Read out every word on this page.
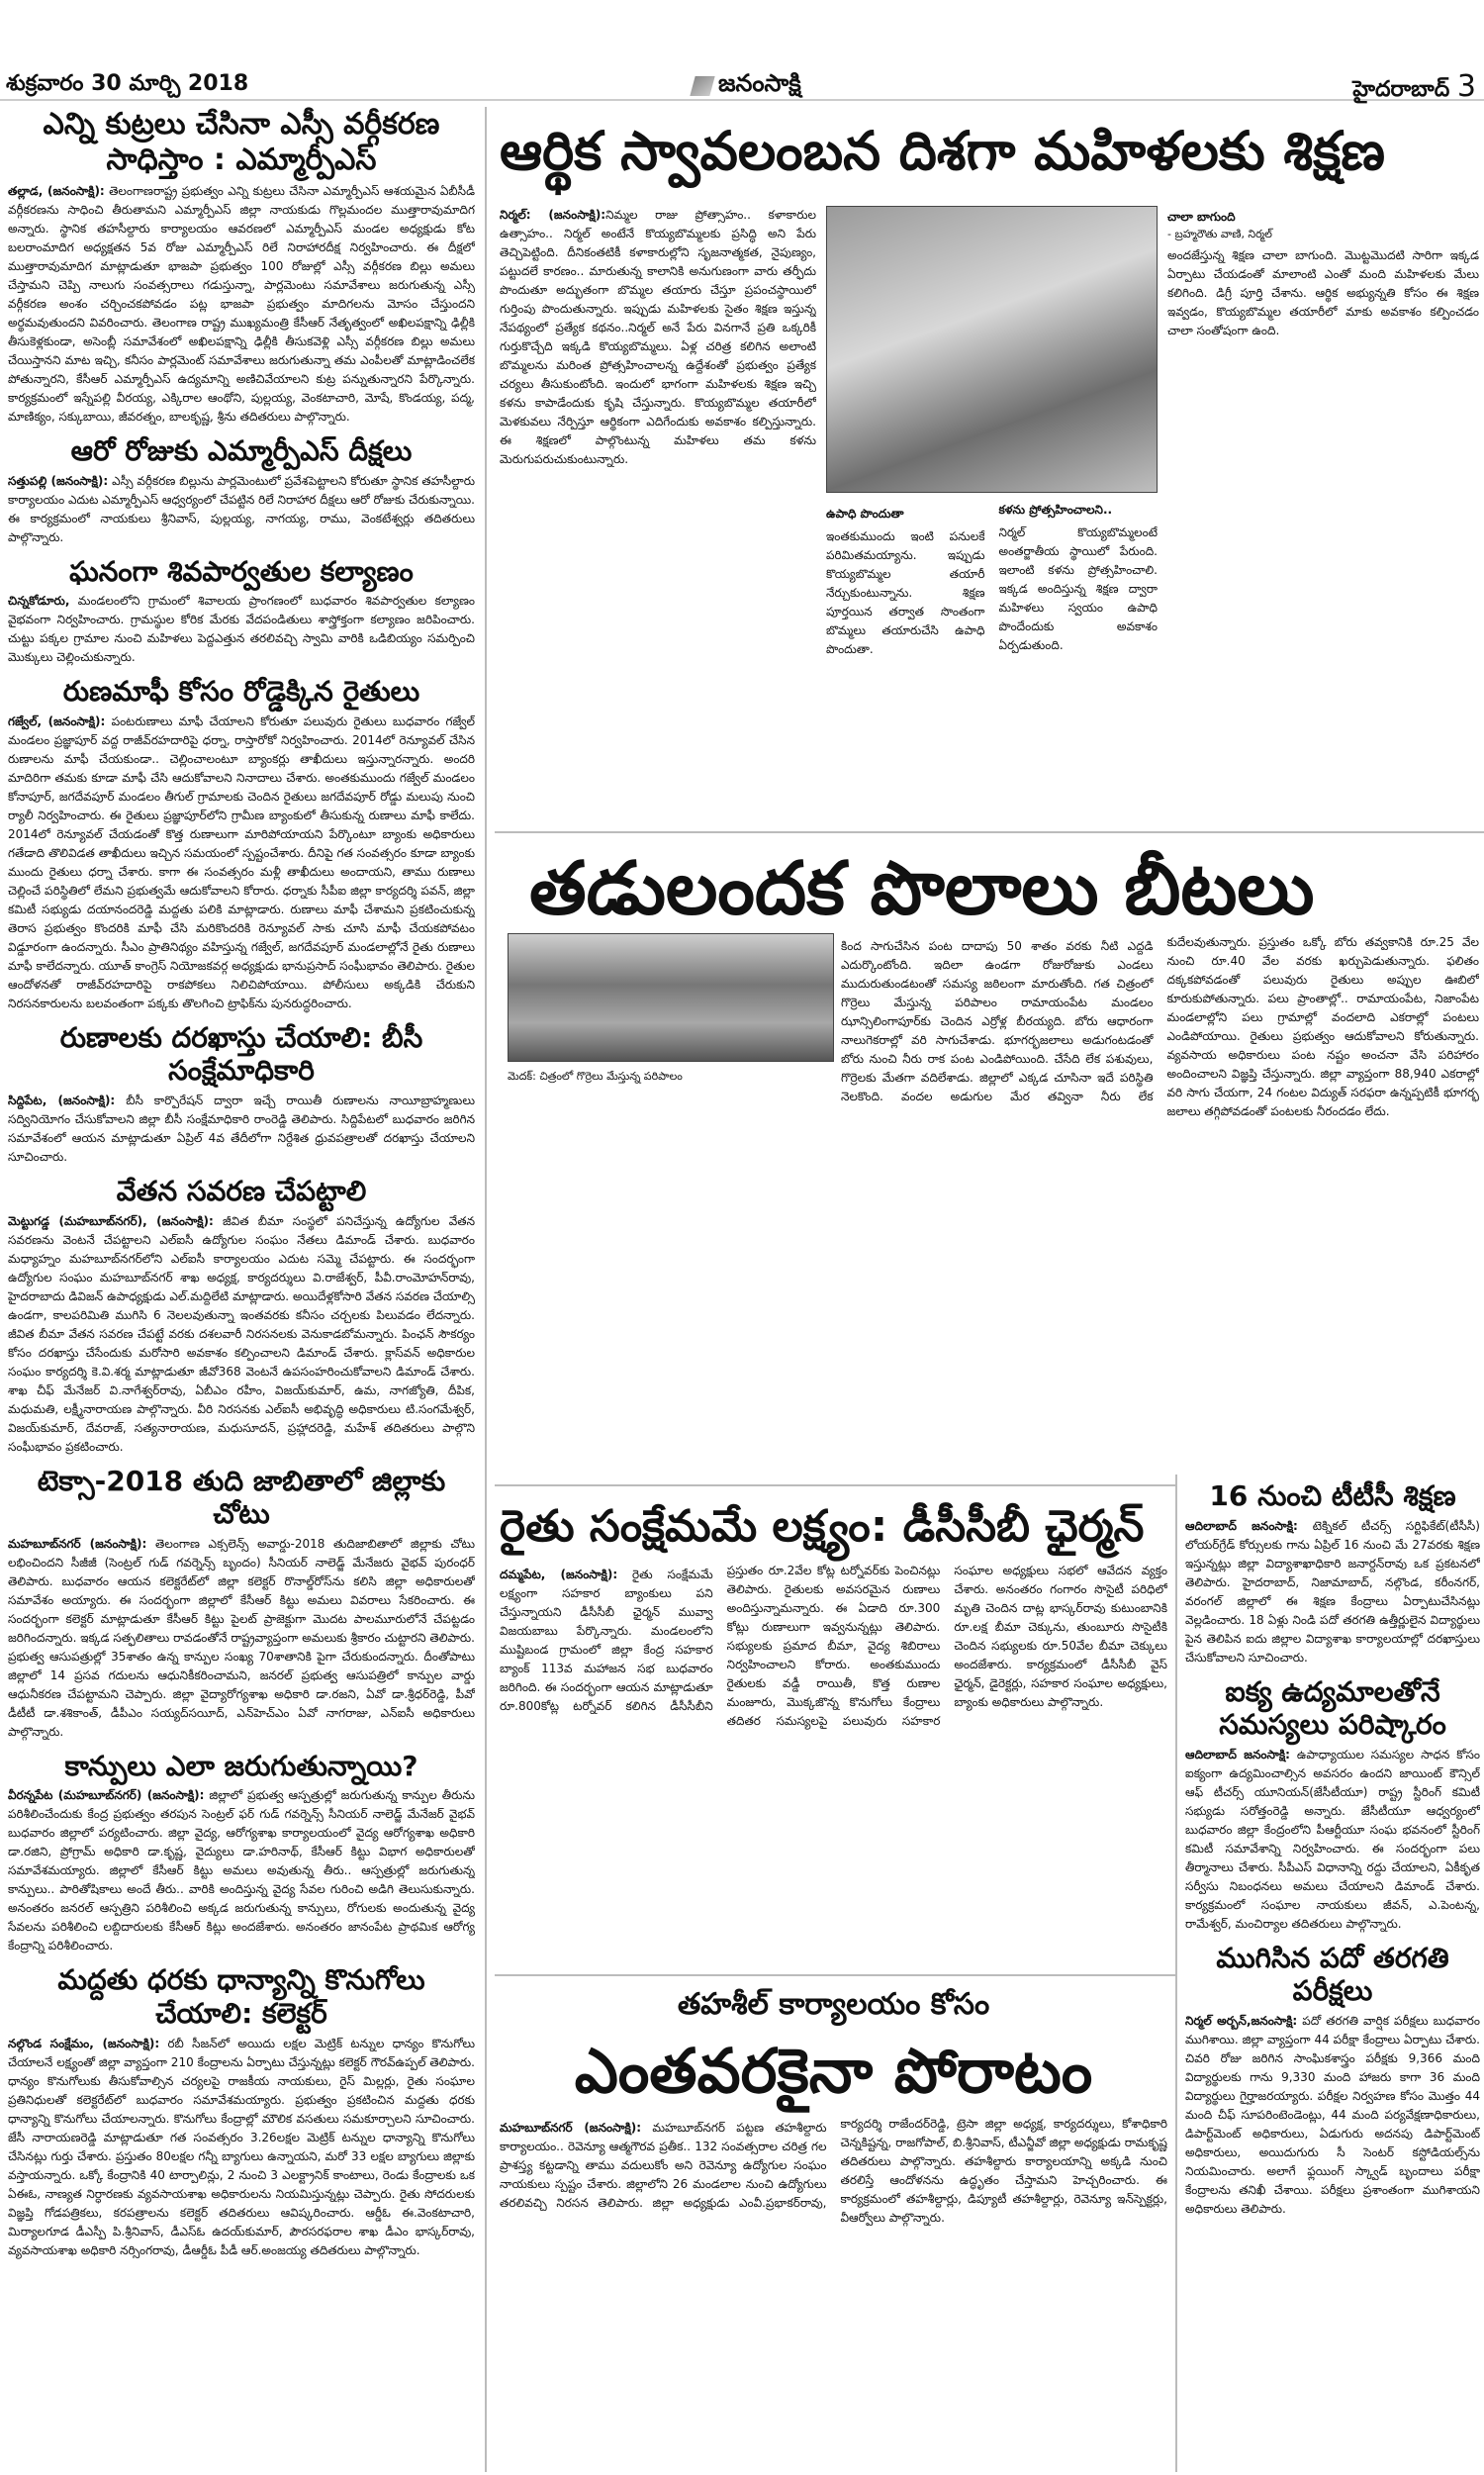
శుక్రవారం 30 మార్చి 2018	జనంసాక్షి	హైదరాబాద్ 3
ఎన్ని కుట్రలు చేసినా ఎస్సీ వర్గీకరణ సాధిస్తాం : ఎమ్మార్పీఎస్

తల్లాడ, (జనంసాక్షి): తెలంగాణరాష్ట్ర ప్రభుత్వం ఎన్ని కుట్రలు చేసినా ఎమ్మార్పీఎస్ ఆశయమైన ఏబీసీడీ వర్గీకరణను సాధించి తీరుతామని ఎమ్మార్పీఎస్ జిల్లా నాయకుడు గొల్లమందల ముత్తారావుమాదిగ అన్నారు. స్థానిక తహసీల్దారు కార్యాలయం ఆవరణలో ఎమ్మార్పీఎస్ మండల అధ్యక్షుడు కోట బలరాంమాదిగ అధ్యక్షతన 5వ రోజు ఎమ్మార్పీఎస్ రిలే నిరాహారదీక్ష నిర్వహించారు. ఈ దీక్షలో ముత్తారావుమాదిగ మాట్లాడుతూ భాజపా ప్రభుత్వం 100 రోజుల్లో ఎస్సీ వర్గీకరణ బిల్లు అమలు చేస్తామని చెప్పి నాలుగు సంవత్సరాలు గడుస్తున్నా, పార్లమెంటు సమావేశాలు జరుగుతున్న ఎస్సీ వర్గీకరణ అంశం చర్చించకపోవడం పట్ల భాజపా ప్రభుత్వం మాదిగలను మోసం చేస్తుందని అర్థమవుతుందని వివరించారు. తెలంగాణ రాష్ట్ర ముఖ్యమంత్రి కేసీఆర్ నేతృత్వంలో అఖిలపక్షాన్ని ఢిల్లీకి తీసుకెళ్లకుండా, అసెంబ్లీ సమావేశంలో అఖిలపక్షాన్ని ఢిల్లీకి తీసుకవెళ్లి ఎస్సీ వర్గీకరణ బిల్లు అమలు చేయిస్తానని మాట ఇచ్చి, కనీసం పార్లమెంట్ సమావేశాలు జరుగుతున్నా తమ ఎంపీలతో మాట్లాడించలేక పోతున్నారని, కేసీఆర్ ఎమ్మార్పీఎస్ ఉద్యమాన్ని అణిచివేయాలని కుట్ర పన్నుతున్నారని పేర్కొన్నారు. కార్యక్రమంలో ఇస్నేపల్లి వీరయ్య, ఎక్కిరాల ఆంథోని, పుల్లయ్య, వెంకటాచారి, మోషే, కొండయ్య, పద్మ, మాణిక్యం, సక్కుబాయి, జీవరత్నం, బాలకృష్ణ, శ్రీను తదితరులు పాల్గొన్నారు.

ఆరో రోజుకు ఎమ్మార్పీఎస్ దీక్షలు

సత్తుపల్లి (జనంసాక్షి): ఎస్సీ వర్గీకరణ బిల్లును పార్లమెంటులో ప్రవేశపెట్టాలని కోరుతూ స్థానిక తహసీల్దారు కార్యాలయం ఎదుట ఎమ్మార్పీఎస్ ఆధ్వర్యంలో చేపట్టిన రిలే నిరాహార దీక్షలు ఆరో రోజుకు చేరుకున్నాయి. ఈ కార్యక్రమంలో నాయకులు శ్రీనివాస్, పుల్లయ్య, నాగయ్య, రాము, వెంకటేశ్వర్లు తదితరులు పాల్గొన్నారు.

ఘనంగా శివపార్వతుల కల్యాణం

చిన్నకోడూరు, మండలంలోని గ్రామంలో శివాలయ ప్రాంగణంలో బుధవారం శివపార్వతుల కల్యాణం వైభవంగా నిర్వహించారు. గ్రామస్థుల కోరిక మేరకు వేదపండితులు శాస్త్రోక్తంగా కల్యాణం జరిపించారు. చుట్టు పక్కల గ్రామాల నుంచి మహిళలు పెద్దఎత్తున తరలివచ్చి స్వామి వారికి ఒడిబియ్యం సమర్పించి మొక్కులు చెల్లించుకున్నారు.

రుణమాఫీ కోసం రోడ్డెక్కిన రైతులు

గజ్వేల్, (జనంసాక్షి): పంటరుణాలు మాఫీ చేయాలని కోరుతూ పలువురు రైతులు బుధవారం గజ్వేల్ మండలం ప్రజ్ఞాపూర్ వద్ద రాజీవ్‌రహదారిపై ధర్నా, రాస్తారోకో నిర్వహించారు. 2014లో రెన్యూవల్ చేసిన రుణాలను మాఫీ చేయకుండా.. చెల్లించాలంటూ బ్యాంకర్లు తాఖీదులు ఇస్తున్నారన్నారు. అందరి మాదిరిగా తమకు కూడా మాఫీ చేసి ఆదుకోవాలని నినాదాలు చేశారు. అంతకుముందు గజ్వేల్ మండలం కోనాపూర్, జగదేవపూర్ మండలం తీగుల్ గ్రామాలకు చెందిన రైతులు జగదేవపూర్ రోడ్డు మలుపు నుంచి ర్యాలీ నిర్వహించారు. ఈ రైతులు ప్రజ్ఞాపూర్‌లోని గ్రామీణ బ్యాంకులో తీసుకున్న రుణాలు మాఫీ కాలేదు. 2014లో రెన్యూవల్ చేయడంతో కొత్త రుణాలుగా మారిపోయాయని పేర్కొంటూ బ్యాంకు అధికారులు గతేడాది తొలివిడత తాఖీదులు ఇచ్చిన సమయంలో స్పష్టంచేశారు. దీనిపై గత సంవత్సరం కూడా బ్యాంకు ముందు రైతులు ధర్నా చేశారు. కాగా ఈ సంవత్సరం మళ్లీ తాఖీదులు అందాయని, తాము రుణాలు చెల్లించే పరిస్థితిలో లేమని ప్రభుత్వమే ఆదుకోవాలని కోరారు. ధర్నాకు సీపీఐ జిల్లా కార్యదర్శి పవన్, జిల్లా కమిటీ సభ్యుడు దయానందరెడ్డి మద్దతు పలికి మాట్లాడారు. రుణాలు మాఫీ చేశామని ప్రకటించుకున్న తెరాస ప్రభుత్వం కొందరికి మాఫీ చేసి మరికొందరికి రెన్యూవల్ సాకు చూసి మాఫీ చేయకపోవటం విడ్డూరంగా ఉందన్నారు. సీఎం ప్రాతినిథ్యం వహిస్తున్న గజ్వేల్, జగదేవపూర్ మండలాల్లోనే రైతు రుణాలు మాఫీ కాలేదన్నారు. యూత్ కాంగ్రెస్ నియోజకవర్గ అధ్యక్షుడు భానుప్రసాద్ సంఘీభావం తెలిపారు. రైతుల ఆందోళనతో రాజీవ్‌రహదారిపై రాకపోకలు నిలిచిపోయాయి. పోలీసులు అక్కడికి చేరుకుని నిరసనకారులను బలవంతంగా పక్కకు తొలగించి ట్రాఫిక్‌ను పునరుద్ధరించారు.

రుణాలకు దరఖాస్తు చేయాలి: బీసీ సంక్షేమాధికారి

సిద్దిపేట, (జనంసాక్షి): బీసీ కార్పొరేషన్ ద్వారా ఇచ్చే రాయితీ రుణాలను నాయీబ్రాహ్మణులు సద్వినియోగం చేసుకోవాలని జిల్లా బీసీ సంక్షేమాధికారి రాంరెడ్డి తెలిపారు. సిద్దిపేటలో బుధవారం జరిగిన సమావేశంలో ఆయన మాట్లాడుతూ ఏప్రిల్ 4వ తేదీలోగా నిర్దేశిత ధ్రువపత్రాలతో దరఖాస్తు చేయాలని సూచించారు.

వేతన సవరణ చేపట్టాలి

మెట్టుగడ్డ (మహబూబ్‌నగర్), (జనంసాక్షి): జీవిత బీమా సంస్థలో పనిచేస్తున్న ఉద్యోగుల వేతన సవరణను వెంటనే చేపట్టాలని ఎల్ఐసీ ఉద్యోగుల సంఘం నేతలు డిమాండ్ చేశారు. బుధవారం మధ్యాహ్నం మహబూబ్‌నగర్‌లోని ఎల్ఐసీ కార్యాలయం ఎదుట సమ్మె చేపట్టారు. ఈ సందర్భంగా ఉద్యోగుల సంఘం మహబూబ్‌నగర్ శాఖ అధ్యక్ష, కార్యదర్శులు వి.రాజేశ్వర్, పీవీ.రాంమోహన్‌రావు, హైదరాబాదు డివిజన్ ఉపాధ్యక్షుడు ఎల్.మద్దిలేటి మాట్లాడారు. అయిదేళ్లకోసారి వేతన సవరణ చేయాల్సి ఉండగా, కాలపరిమితి ముగిసి 6 నెలలవుతున్నా ఇంతవరకు కనీసం చర్చలకు పిలువడం లేదన్నారు. జీవిత బీమా వేతన సవరణ చేపట్టే వరకు దశలవారీ నిరసనలకు వెనుకాడబోమన్నారు. పింఛన్ సౌకర్యం కోసం దరఖాస్తు చేసేందుకు మరోసారి అవకాశం కల్పించాలని డిమాండ్ చేశారు. క్లాస్‌వన్ అధికారుల సంఘం కార్యదర్శి కె.వి.శర్మ మాట్లాడుతూ జీవో368 వెంటనే ఉపసంహరించుకోవాలని డిమాండ్ చేశారు. శాఖ చీఫ్ మేనేజర్ వి.నాగేశ్వర్‌రావు, ఏబీఎం రహీం, విజయ్‌కుమార్, ఉమ, నాగజ్యోతి, దీపిక, మధుమతి, లక్ష్మీనారాయణ పాల్గొన్నారు. వీరి నిరసనకు ఎల్ఐసీ అభివృద్ధి అధికారులు టి.సంగమేశ్వర్, విజయ్‌కుమార్, దేవరాజ్, సత్యనారాయణ, మధుసూదన్, ప్రహ్లాదరెడ్డి, మహేశ్ తదితరులు పాల్గొని సంఘీభావం ప్రకటించారు.

టెక్సా-2018 తుది జాబితాలో జిల్లాకు చోటు

మహబూబ్‌నగర్ (జనంసాక్షి): తెలంగాణ ఎక్సలెన్స్ అవార్డు-2018 తుదిజాబితాలో జిల్లాకు చోటు లభించిందని సీజీజీ (సెంట్రల్ గుడ్ గవర్నెన్స్ బృందం) సీనియర్ నాలెడ్జ్ మేనేజరు వైభవ్ పురంధర్ తెలిపారు. బుధవారం ఆయన కలెక్టరేట్‌లో జిల్లా కలెక్టర్ రొనాల్డ్‌రోస్‌ను కలిసి జిల్లా అధికారులతో సమావేశం అయ్యారు. ఈ సందర్భంగా జిల్లాలో కేసీఆర్ కిట్టు అమలు వివరాలు సేకరించారు. ఈ సందర్భంగా కలెక్టర్ మాట్లాడుతూ కేసీఆర్ కిట్టు పైలట్ ప్రాజెక్టుగా మొదట పాలమూరులోనే చేపట్టడం జరిగిందన్నారు. ఇక్కడ సత్ఫలితాలు రావడంతోనే రాష్ట్రవ్యాప్తంగా అమలుకు శ్రీకారం చుట్టారని తెలిపారు. ప్రభుత్వ ఆసుపత్రుల్లో 35శాతం ఉన్న కాన్పుల సంఖ్య 70శాతానికి పైగా చేరుకుందన్నారు. దీంతోపాటు జిల్లాలో 14 ప్రసవ గదులను ఆధునికీకరించామని, జనరల్ ప్రభుత్వ ఆసుపత్రిలో కాన్పుల వార్డు ఆధునీకరణ చేపట్టామని చెప్పారు. జిల్లా వైద్యారోగ్యశాఖ అధికారి డా.రజని, ఏవో డా.శ్రీధర్‌రెడ్డి, పీవో డీటీటీ డా.శశికాంత్, డీపీఎం సయ్యద్‌సయీద్, ఎన్‌హెచ్‌ఎం ఏవో నాగరాజు, ఎన్ఐసీ అధికారులు పాల్గొన్నారు.

కాన్పులు ఎలా జరుగుతున్నాయి?

వీరన్నపేట (మహబూబ్‌నగర్) (జనంసాక్షి): జిల్లాలో ప్రభుత్వ ఆస్పత్రుల్లో జరుగుతున్న కాన్పుల తీరును పరిశీలించేందుకు కేంద్ర ప్రభుత్వం తరపున సెంట్రల్ ఫర్ గుడ్ గవర్నెన్స్ సీనియర్ నాలెడ్జ్ మేనేజర్ వైభవ్ బుధవారం జిల్లాలో పర్యటించారు. జిల్లా వైద్య, ఆరోగ్యశాఖ కార్యాలయంలో వైద్య ఆరోగ్యశాఖ అధికారి డా.రజిని, ప్రోగ్రామ్ అధికారి డా.కృష్ణ, వైద్యులు డా.హరినాథ్, కేసీఆర్ కిట్టు విభాగ అధికారులతో సమావేశమయ్యారు. జిల్లాలో కేసీఆర్ కిట్టు అమలు అవుతున్న తీరు.. ఆస్పత్రుల్లో జరుగుతున్న కాన్పులు.. పారితోషికాలు అందే తీరు.. వారికి అందిస్తున్న వైద్య సేవల గురించి అడిగి తెలుసుకున్నారు. అనంతరం జనరల్ ఆస్పత్రిని పరిశీలించి అక్కడ జరుగుతున్న కాన్పులు, రోగులకు అందుతున్న వైద్య సేవలను పరిశీలించి లబ్దిదారులకు కేసీఆర్ కిట్లు అందజేశారు. అనంతరం జానంపేట ప్రాథమిక ఆరోగ్య కేంద్రాన్ని పరిశీలించారు.

మద్దతు ధరకు ధాన్యాన్ని కొనుగోలు చేయాలి: కలెక్టర్

నల్గొండ సంక్షేమం, (జనంసాక్షి): రబీ సీజన్‌లో అయిదు లక్షల మెట్రిక్ టన్నుల ధాన్యం కొనుగోలు చేయాలనే లక్ష్యంతో జిల్లా వ్యాప్తంగా 210 కేంద్రాలను ఏర్పాటు చేస్తున్నట్లు కలెక్టర్ గౌరవ్‌ఉప్పల్ తెలిపారు. ధాన్యం కొనుగోలుకు తీసుకోవాల్సిన చర్యలపై రాజకీయ నాయకులు, రైస్ మిల్లర్లు, రైతు సంఘాల ప్రతినిధులతో కలెక్టరేట్‌లో బుధవారం సమావేశమయ్యారు. ప్రభుత్వం ప్రకటించిన మద్దతు ధరకు ధాన్యాన్ని కొనుగోలు చేయాలన్నారు. కొనుగోలు కేంద్రాల్లో మౌలిక వసతులు సమకూర్చాలని సూచించారు. జేసీ నారాయణరెడ్డి మాట్లాడుతూ గత సంవత్సరం 3.26లక్షల మెట్రిక్ టన్నుల ధాన్యాన్ని కొనుగోలు చేసినట్లు గుర్తు చేశారు. ప్రస్తుతం 80లక్షల గన్నీ బ్యాగులు ఉన్నాయని, మరో 33 లక్షల బ్యాగులు జిల్లాకు వస్తాయన్నారు. ఒక్కో కేంద్రానికి 40 టార్పాలిన్లు, 2 నుంచి 3 ఎలక్ట్రానిక్ కాంటాలు, రెండు కేంద్రాలకు ఒక ఏఈఓ, నాణ్యత నిర్ధారణకు వ్యవసాయశాఖ అధికారులను నియమిస్తున్నట్లు చెప్పారు. రైతు సోదరులకు విజ్ఞప్తి గోడపత్రికలు, కరపత్రాలను కలెక్టర్ తదితరులు ఆవిష్కరించారు. ఆర్డీఓ ఈ.వెంకటాచారి, మిర్యాలగూడ డీఎస్పీ పి.శ్రీనివాస్, డీఎస్ఓ ఉదయ్‌కుమార్, పౌరసరఫరాల శాఖ డీఎం భాస్కర్‌రావు, వ్యవసాయశాఖ అధికారి నర్సింగరావు, డీఆర్డీఓ పీడీ ఆర్.అంజయ్య తదితరులు పాల్గొన్నారు.

ఆర్థిక స్వావలంబన దిశగా మహిళలకు శిక్షణ

నిర్మల్: (జనంసాక్షి):నిమ్మల రాజు ప్రోత్సాహం.. కళాకారుల ఉత్సాహం.. నిర్మల్ అంటేనే కొయ్యబొమ్మలకు ప్రసిద్ధి అని పేరు తెచ్చిపెట్టింది. దీనికంతటికీ కళాకారుల్లోని సృజనాత్మకత, నైపుణ్యం, పట్టుదలే కారణం.. మారుతున్న కాలానికి అనుగుణంగా వారు తర్ఫీదు పొందుతూ అద్భుతంగా బొమ్మల తయారు చేస్తూ ప్రపంచస్థాయిలో గుర్తింపు పొందుతున్నారు. ఇప్పుడు మహిళలకు సైతం శిక్షణ ఇస్తున్న నేపథ్యంలో ప్రత్యేక కథనం..నిర్మల్ అనే పేరు వినగానే ప్రతి ఒక్కరికీ గుర్తుకొచ్చేది ఇక్కడి కొయ్యబొమ్మలు. ఏళ్ల చరిత్ర కలిగిన అలాంటి బొమ్మలను మరింత ప్రోత్సహించాలన్న ఉద్దేశంతో ప్రభుత్వం ప్రత్యేక చర్యలు తీసుకుంటోంది. ఇందులో భాగంగా మహిళలకు శిక్షణ ఇచ్చి కళను కాపాడేందుకు కృషి చేస్తున్నారు. కొయ్యబొమ్మల తయారీలో మెళకువలు నేర్పిస్తూ ఆర్థికంగా ఎదిగేందుకు అవకాశం కల్పిస్తున్నారు. ఈ శిక్షణలో పాల్గొంటున్న మహిళలు తమ కళను మెరుగుపరుచుకుంటున్నారు.

ఉపాధి పొందుతా

ఇంతకుముందు ఇంటి పనులకే పరిమితమయ్యాను. ఇప్పుడు కొయ్యబొమ్మల తయారీ నేర్చుకుంటున్నాను. శిక్షణ పూర్తయిన తర్వాత సొంతంగా బొమ్మలు తయారుచేసి ఉపాధి పొందుతా.

కళను ప్రోత్సహించాలని..

నిర్మల్ కొయ్యబొమ్మలంటే అంతర్జాతీయ స్థాయిలో పేరుంది. ఇలాంటి కళను ప్రోత్సహించాలి. ఇక్కడ అందిస్తున్న శిక్షణ ద్వారా మహిళలు స్వయం ఉపాధి పొందేందుకు అవకాశం ఏర్పడుతుంది.

చాలా బాగుంది
- బ్రహ్మరౌతు వాణి, నిర్మల్

అందజేస్తున్న శిక్షణ చాలా బాగుంది. మొట్టమొదటి సారిగా ఇక్కడ ఏర్పాటు చేయడంతో మాలాంటి ఎంతో మంది మహిళలకు మేలు కలిగింది. డిగ్రీ పూర్తి చేశాను. ఆర్థిక అభ్యున్నతి కోసం ఈ శిక్షణ ఇవ్వడం, కొయ్యబొమ్మల తయారీలో మాకు అవకాశం కల్పించడం చాలా సంతోషంగా ఉంది.

తడులందక పొలాలు బీటలు
మెదక్: చిత్రంలో గొర్రెలు మేస్తున్న పరిపాలం

కింద సాగుచేసిన పంట దాదాపు 50 శాతం వరకు నీటి ఎద్దడి ఎదుర్కొంటోంది. ఇదిలా ఉండగా రోజురోజుకు ఎండలు ముదురుతుండటంతో సమస్య జఠిలంగా మారుతోంది. గత చిత్రంలో గొర్రెలు మేస్తున్న పరిపాలం రామాయంపేట మండలం ఝాన్సిలింగాపూర్‌కు చెందిన ఎర్రోళ్ల బీరయ్యది. బోరు ఆధారంగా నాలుగెకరాల్లో వరి సాగుచేశాడు. భూగర్భజలాలు అడుగంటడంతో బోరు నుంచి నీరు రాక పంట ఎండిపోయింది. చేసేది లేక పశువులు, గొర్రెలకు మేతగా వదిలేశాడు. జిల్లాలో ఎక్కడ చూసినా ఇదే పరిస్థితి నెలకొంది. వందల అడుగుల మేర తవ్వినా నీరు లేక కుదేలవుతున్నారు. ప్రస్తుతం ఒక్కో బోరు తవ్వకానికి రూ.25 వేల నుంచి రూ.40 వేల వరకు ఖర్చుపెడుతున్నారు. ఫలితం దక్కకపోవడంతో పలువురు రైతులు అప్పుల ఊబిలో కూరుకుపోతున్నారు. పలు ప్రాంతాల్లో.. రామాయంపేట, నిజాంపేట మండలాల్లోని పలు గ్రామాల్లో వందలాది ఎకరాల్లో పంటలు ఎండిపోయాయి. రైతులు ప్రభుత్వం ఆదుకోవాలని కోరుతున్నారు. వ్యవసాయ అధికారులు పంట నష్టం అంచనా వేసి పరిహారం అందించాలని విజ్ఞప్తి చేస్తున్నారు. జిల్లా వ్యాప్తంగా 88,940 ఎకరాల్లో వరి సాగు చేయగా, 24 గంటల విద్యుత్ సరఫరా ఉన్నప్పటికీ భూగర్భ జలాలు తగ్గిపోవడంతో పంటలకు నీరందడం లేదు.

రైతు సంక్షేమమే లక్ష్యం: డీసీసీబీ ఛైర్మన్

దమ్మపేట, (జనంసాక్షి): రైతు సంక్షేమమే లక్ష్యంగా సహకార బ్యాంకులు పని చేస్తున్నాయని డీసీసీబీ ఛైర్మన్ మువ్వా విజయబాబు పేర్కొన్నారు. మండలంలోని ముష్టిబండ గ్రామంలో జిల్లా కేంద్ర సహకార బ్యాంక్ 113వ మహాజన సభ బుధవారం జరిగింది. ఈ సందర్భంగా ఆయన మాట్లాడుతూ రూ.800కోట్ల టర్నోవర్ కలిగిన డీసీసీబీని ప్రస్తుతం రూ.2వేల కోట్ల టర్నోవర్‌కు పెంచినట్లు తెలిపారు. రైతులకు అవసరమైన రుణాలు అందిస్తున్నామన్నారు. ఈ ఏడాది రూ.300 కోట్లు రుణాలుగా ఇవ్వనున్నట్లు తెలిపారు. సభ్యులకు ప్రమాద బీమా, వైద్య శిబిరాలు నిర్వహించాలని కోరారు. అంతకుముందు రైతులకు వడ్డీ రాయితీ, కొత్త రుణాల మంజూరు, మొక్కజొన్న కొనుగోలు కేంద్రాలు తదితర సమస్యలపై పలువురు సహకార సంఘాల అధ్యక్షులు సభలో ఆవేదన వ్యక్తం చేశారు. అనంతరం గంగారం సొసైటీ పరిధిలో మృతి చెందిన దాట్ల భాస్కర్‌రావు కుటుంబానికి రూ.లక్ష బీమా చెక్కును, తుంబూరు సొసైటీకి చెందిన సభ్యులకు రూ.50వేల బీమా చెక్కులు అందజేశారు. కార్యక్రమంలో డీసీసీబీ వైస్ ఛైర్మన్, డైరెక్టర్లు, సహకార సంఘాల అధ్యక్షులు, బ్యాంకు అధికారులు పాల్గొన్నారు.

తహశీల్ కార్యాలయం కోసం
ఎంతవరకైనా పోరాటం

మహబూబ్‌నగర్ (జనంసాక్షి): మహబూబ్‌నగర్ పట్టణ తహశీల్దారు కార్యాలయం.. రెవెన్యూ ఆత్మగౌరవ ప్రతీక.. 132 సంవత్సరాల చరిత్ర గల ప్రాశస్త్య కట్టడాన్ని తాము వదులుకోం అని రెవెన్యూ ఉద్యోగుల సంఘం నాయకులు స్పష్టం చేశారు. జిల్లాలోని 26 మండలాల నుంచి ఉద్యోగులు తరలివచ్చి నిరసన తెలిపారు. జిల్లా అధ్యక్షుడు ఎంవీ.ప్రభాకర్‌రావు, కార్యదర్శి రాజేందర్‌రెడ్డి, ట్రెసా జిల్లా అధ్యక్ష, కార్యదర్శులు, కోశాధికారి చెన్నకిష్టన్న, రాజగోపాల్, బి.శ్రీనివాస్, టీఎన్జీవో జిల్లా అధ్యక్షుడు రామకృష్ణ తదితరులు పాల్గొన్నారు. తహశీల్దారు కార్యాలయాన్ని అక్కడి నుంచి తరలిస్తే ఆందోళనను ఉద్ధృతం చేస్తామని హెచ్చరించారు. ఈ కార్యక్రమంలో తహశీల్దార్లు, డిప్యూటీ తహశీల్దార్లు, రెవెన్యూ ఇన్‌స్పెక్టర్లు, వీఆర్వోలు పాల్గొన్నారు.

16 నుంచి టీటీసీ శిక్షణ

ఆదిలాబాద్ జనంసాక్షి: టెక్నికల్ టీచర్స్ సర్టిఫికేట్(టీసీసీ) లోయర్‌గ్రేడ్ కోర్సులకు గాను ఏప్రిల్ 16 నుంచి మే 27వరకు శిక్షణ ఇస్తున్నట్లు జిల్లా విద్యాశాఖాధికారి జనార్దన్‌రావు ఒక ప్రకటనలో తెలిపారు. హైదరాబాద్, నిజామాబాద్, నల్గొండ, కరీంనగర్, వరంగల్ జిల్లాలో ఈ శిక్షణ కేంద్రాలు ఏర్పాటుచేసినట్లు వెల్లడించారు. 18 ఏళ్లు నిండి పదో తరగతి ఉత్తీర్ణులైన విద్యార్థులు పైన తెలిపిన ఐదు జిల్లాల విద్యాశాఖ కార్యాలయాల్లో దరఖాస్తులు చేసుకోవాలని సూచించారు.

ఐక్య ఉద్యమాలతోనే సమస్యలు పరిష్కారం

ఆదిలాబాద్ జనంసాక్షి: ఉపాధ్యాయుల సమస్యల సాధన కోసం ఐక్యంగా ఉద్యమించాల్సిన అవసరం ఉందని జాయింట్ కౌన్సిల్ ఆఫ్ టీచర్స్ యూనియన్(జేసీటీయూ) రాష్ట్ర స్టీరింగ్ కమిటీ సభ్యుడు సరోత్తంరెడ్డి అన్నారు. జేసీటీయూ ఆధ్వర్యంలో బుధవారం జిల్లా కేంద్రంలోని పీఆర్టీయూ సంఘ భవనంలో స్టీరింగ్ కమిటీ సమావేశాన్ని నిర్వహించారు. ఈ సందర్భంగా పలు తీర్మానాలు చేశారు. సీపీఎస్ విధానాన్ని రద్దు చేయాలని, ఏకీకృత సర్వీసు నిబంధనలు అమలు చేయాలని డిమాండ్ చేశారు. కార్యక్రమంలో సంఘాల నాయకులు జీవన్, ఎ.పెంటన్న, రామేశ్వర్, మంచిర్యాల తదితరులు పాల్గొన్నారు.

ముగిసిన పదో తరగతి పరీక్షలు

నిర్మల్ అర్బన్,జనంసాక్షి: పదో తరగతి వార్షిక పరీక్షలు బుధవారం ముగిశాయి. జిల్లా వ్యాప్తంగా 44 పరీక్షా కేంద్రాలు ఏర్పాటు చేశారు. చివరి రోజు జరిగిన సాంఘికశాస్త్రం పరీక్షకు 9,366 మంది విద్యార్థులకు గాను 9,330 మంది హాజరు కాగా 36 మంది విద్యార్థులు గైర్హాజరయ్యారు. పరీక్షల నిర్వహణ కోసం మొత్తం 44 మంది చీఫ్ సూపరింటెండెంట్లు, 44 మంది పర్యవేక్షణాధికారులు, డిపార్ట్‌మెంట్ అధికారులు, ఏడుగురు అదనపు డిపార్ట్‌మెంట్ అధికారులు, అయిదుగురు సీ సెంటర్ కస్టోడియల్స్‌ను నియమించారు. అలాగే ఫ్లయింగ్ స్క్వాడ్ బృందాలు పరీక్షా కేంద్రాలను తనిఖీ చేశాయి. పరీక్షలు ప్రశాంతంగా ముగిశాయని అధికారులు తెలిపారు.
